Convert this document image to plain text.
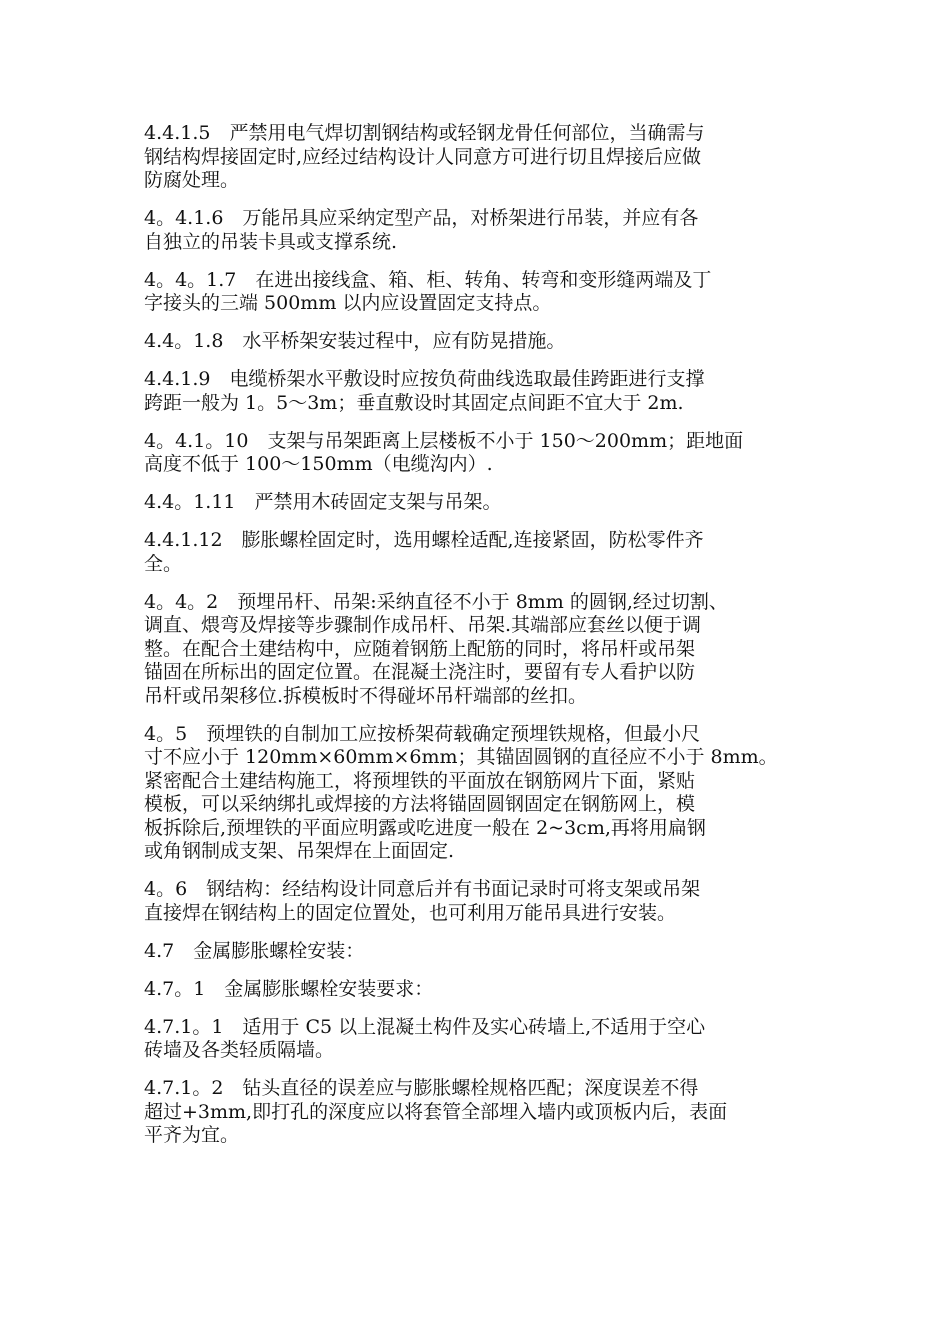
4.4.1.5　严禁用电气焊切割钢结构或轻钢龙骨任何部位，当确需与
钢结构焊接固定时,应经过结构设计人同意方可进行切且焊接后应做
防腐处理。

4。4.1.6　万能吊具应采纳定型产品，对桥架进行吊装，并应有各
自独立的吊装卡具或支撑系统.

4。4。1.7　在进出接线盒、箱、柜、转角、转弯和变形缝两端及丁
字接头的三端 500mm 以内应设置固定支持点。

4.4。1.8　水平桥架安装过程中，应有防晃措施。

4.4.1.9　电缆桥架水平敷设时应按负荷曲线选取最佳跨距进行支撑
跨距一般为 1。5～3m；垂直敷设时其固定点间距不宜大于 2m.

4。4.1。10　支架与吊架距离上层楼板不小于 150～200mm；距地面
高度不低于 100～150mm（电缆沟内）.

4.4。1.11　严禁用木砖固定支架与吊架。

4.4.1.12　膨胀螺栓固定时，选用螺栓适配,连接紧固，防松零件齐
全。

4。4。2　预埋吊杆、吊架:采纳直径不小于 8mm 的圆钢,经过切割、
调直、煨弯及焊接等步骤制作成吊杆、吊架.其端部应套丝以便于调
整。在配合土建结构中，应随着钢筋上配筋的同时，将吊杆或吊架
锚固在所标出的固定位置。在混凝土浇注时，要留有专人看护以防
吊杆或吊架移位.拆模板时不得碰坏吊杆端部的丝扣。

4。5　预埋铁的自制加工应按桥架荷载确定预埋铁规格，但最小尺
寸不应小于 120mm×60mm×6mm；其锚固圆钢的直径应不小于 8mm。
紧密配合土建结构施工，将预埋铁的平面放在钢筋网片下面，紧贴
模板，可以采纳绑扎或焊接的方法将锚固圆钢固定在钢筋网上，模
板拆除后,预埋铁的平面应明露或吃进度一般在 2~3cm,再将用扁钢
或角钢制成支架、吊架焊在上面固定.

4。6　钢结构：经结构设计同意后并有书面记录时可将支架或吊架
直接焊在钢结构上的固定位置处，也可利用万能吊具进行安装。

4.7　金属膨胀螺栓安装：

4.7。1　金属膨胀螺栓安装要求：

4.7.1。1　适用于 C5 以上混凝土构件及实心砖墙上,不适用于空心
砖墙及各类轻质隔墙。

4.7.1。2　钻头直径的误差应与膨胀螺栓规格匹配；深度误差不得
超过+3mm,即打孔的深度应以将套管全部埋入墙内或顶板内后，表面
平齐为宜。
